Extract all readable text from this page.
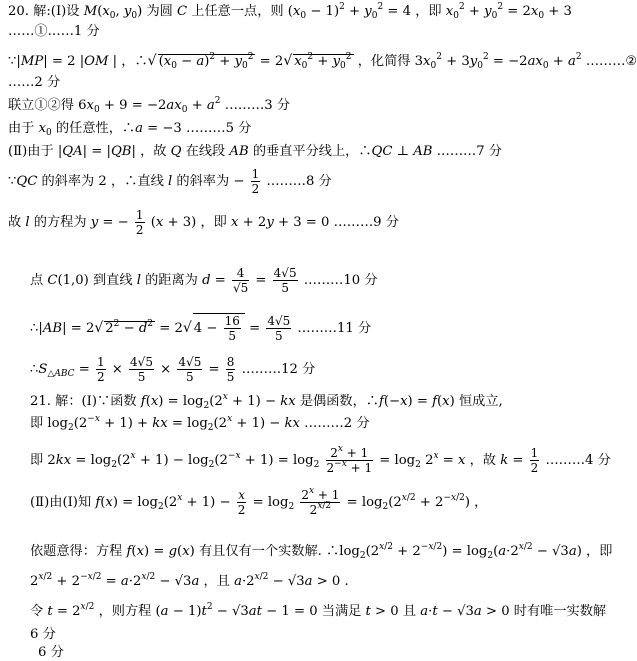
20. 解:(Ⅰ)设 $M(x_0$, $y_0$) 为圆 C 上任意一点，则 $(x_0 - 1)^2 + y_0^2 = 4$ ，即 $x_0^2 + y_0^2 = 2x_0 + 3$
……①……1 分
∵|MP| = 2 |OM | ，∴√ $(x_0 - a)^2 + y_0^2 = 2√$ $x_0^2 + y_0^2$ ，化简得 $3x_0^2 + 3y_0^2 = -2ax_0 + a^2$ ………②
……2 分
联立①②得 $6x_0 + 9 = -2ax_0 + a^2$ ………3 分
由于 $x_0$ 的任意性，∴a = −3 ………5 分
(Ⅱ)由于 |QA| = |QB| ，故 Q 在线段 AB 的垂直平分线上，∴QC ⊥ AB ………7 分
∵QC 的斜率为 2 ，∴直线 l 的斜率为 − $\frac{1}{2}$ ………8 分
故 l 的方程为 y = − $\frac{1}{2} (x + 3)$ ，即 x + 2y + 3 = 0 ………9 分
点 C(1,0) 到直线 l 的距离为 $d = \frac{4}{√5} = \frac{4√5}{5}$ ………10 分
∴|AB| = 2√ $2^2 - d^2 = 2√$ $4 - \frac{16}{5} = \frac{4√5}{5}$ ………11 分
$\therefore S_{\triangle ABC} = \frac{1}{2} \times \frac{4√5}{5} \times \frac{4√5}{5} = \frac{8}{5}$ ………12 分
21. 解：(Ⅰ)∵函数 $f(x) = \log_2(2^x + 1)$ − kx 是偶函数，∴f(−x) = f(x) 恒成立,
即 $\log_2(2^{-x} + 1)$ + kx = $\log_2(2^x + 1)$ − kx ………2 分
即 $2kx = \log_2(2^x + 1) - \log_2(2^{-x} + 1) = \log_2 \frac{2^x + 1}{2^{-x} + 1} = \log_2 2^x = x$ ，故 $k = \frac{1}{2}$ ………4 分
(Ⅱ)由(Ⅰ)知 $f(x) = \log_2(2^x + 1) - \frac{x}{2} = \log_2 \frac{2^x + 1}{2^{x/2}} = \log_2(2^{x/2} + 2^{-x/2})$ ，
依题意得：方程 f(x) = g(x) 有且仅有一个实数解. $\therefore\log_2(2^{x/2} + 2^{-x/2}) = \log_2(a\cdot 2^{x/2} - √3a)$ ，即
$2^{x/2} + 2^{-x/2} = a\cdot 2^{x/2} - √3a$ ，且 $a\cdot 2^{x/2} - √3a > 0$ .
令 $t = 2^{x/2}$ ，则方程 $(a - 1)t^2 - √3at - 1 = 0$ 当满足 t > 0 且 a·t − √3a > 0 时有唯一实数解
6 分
6 分
